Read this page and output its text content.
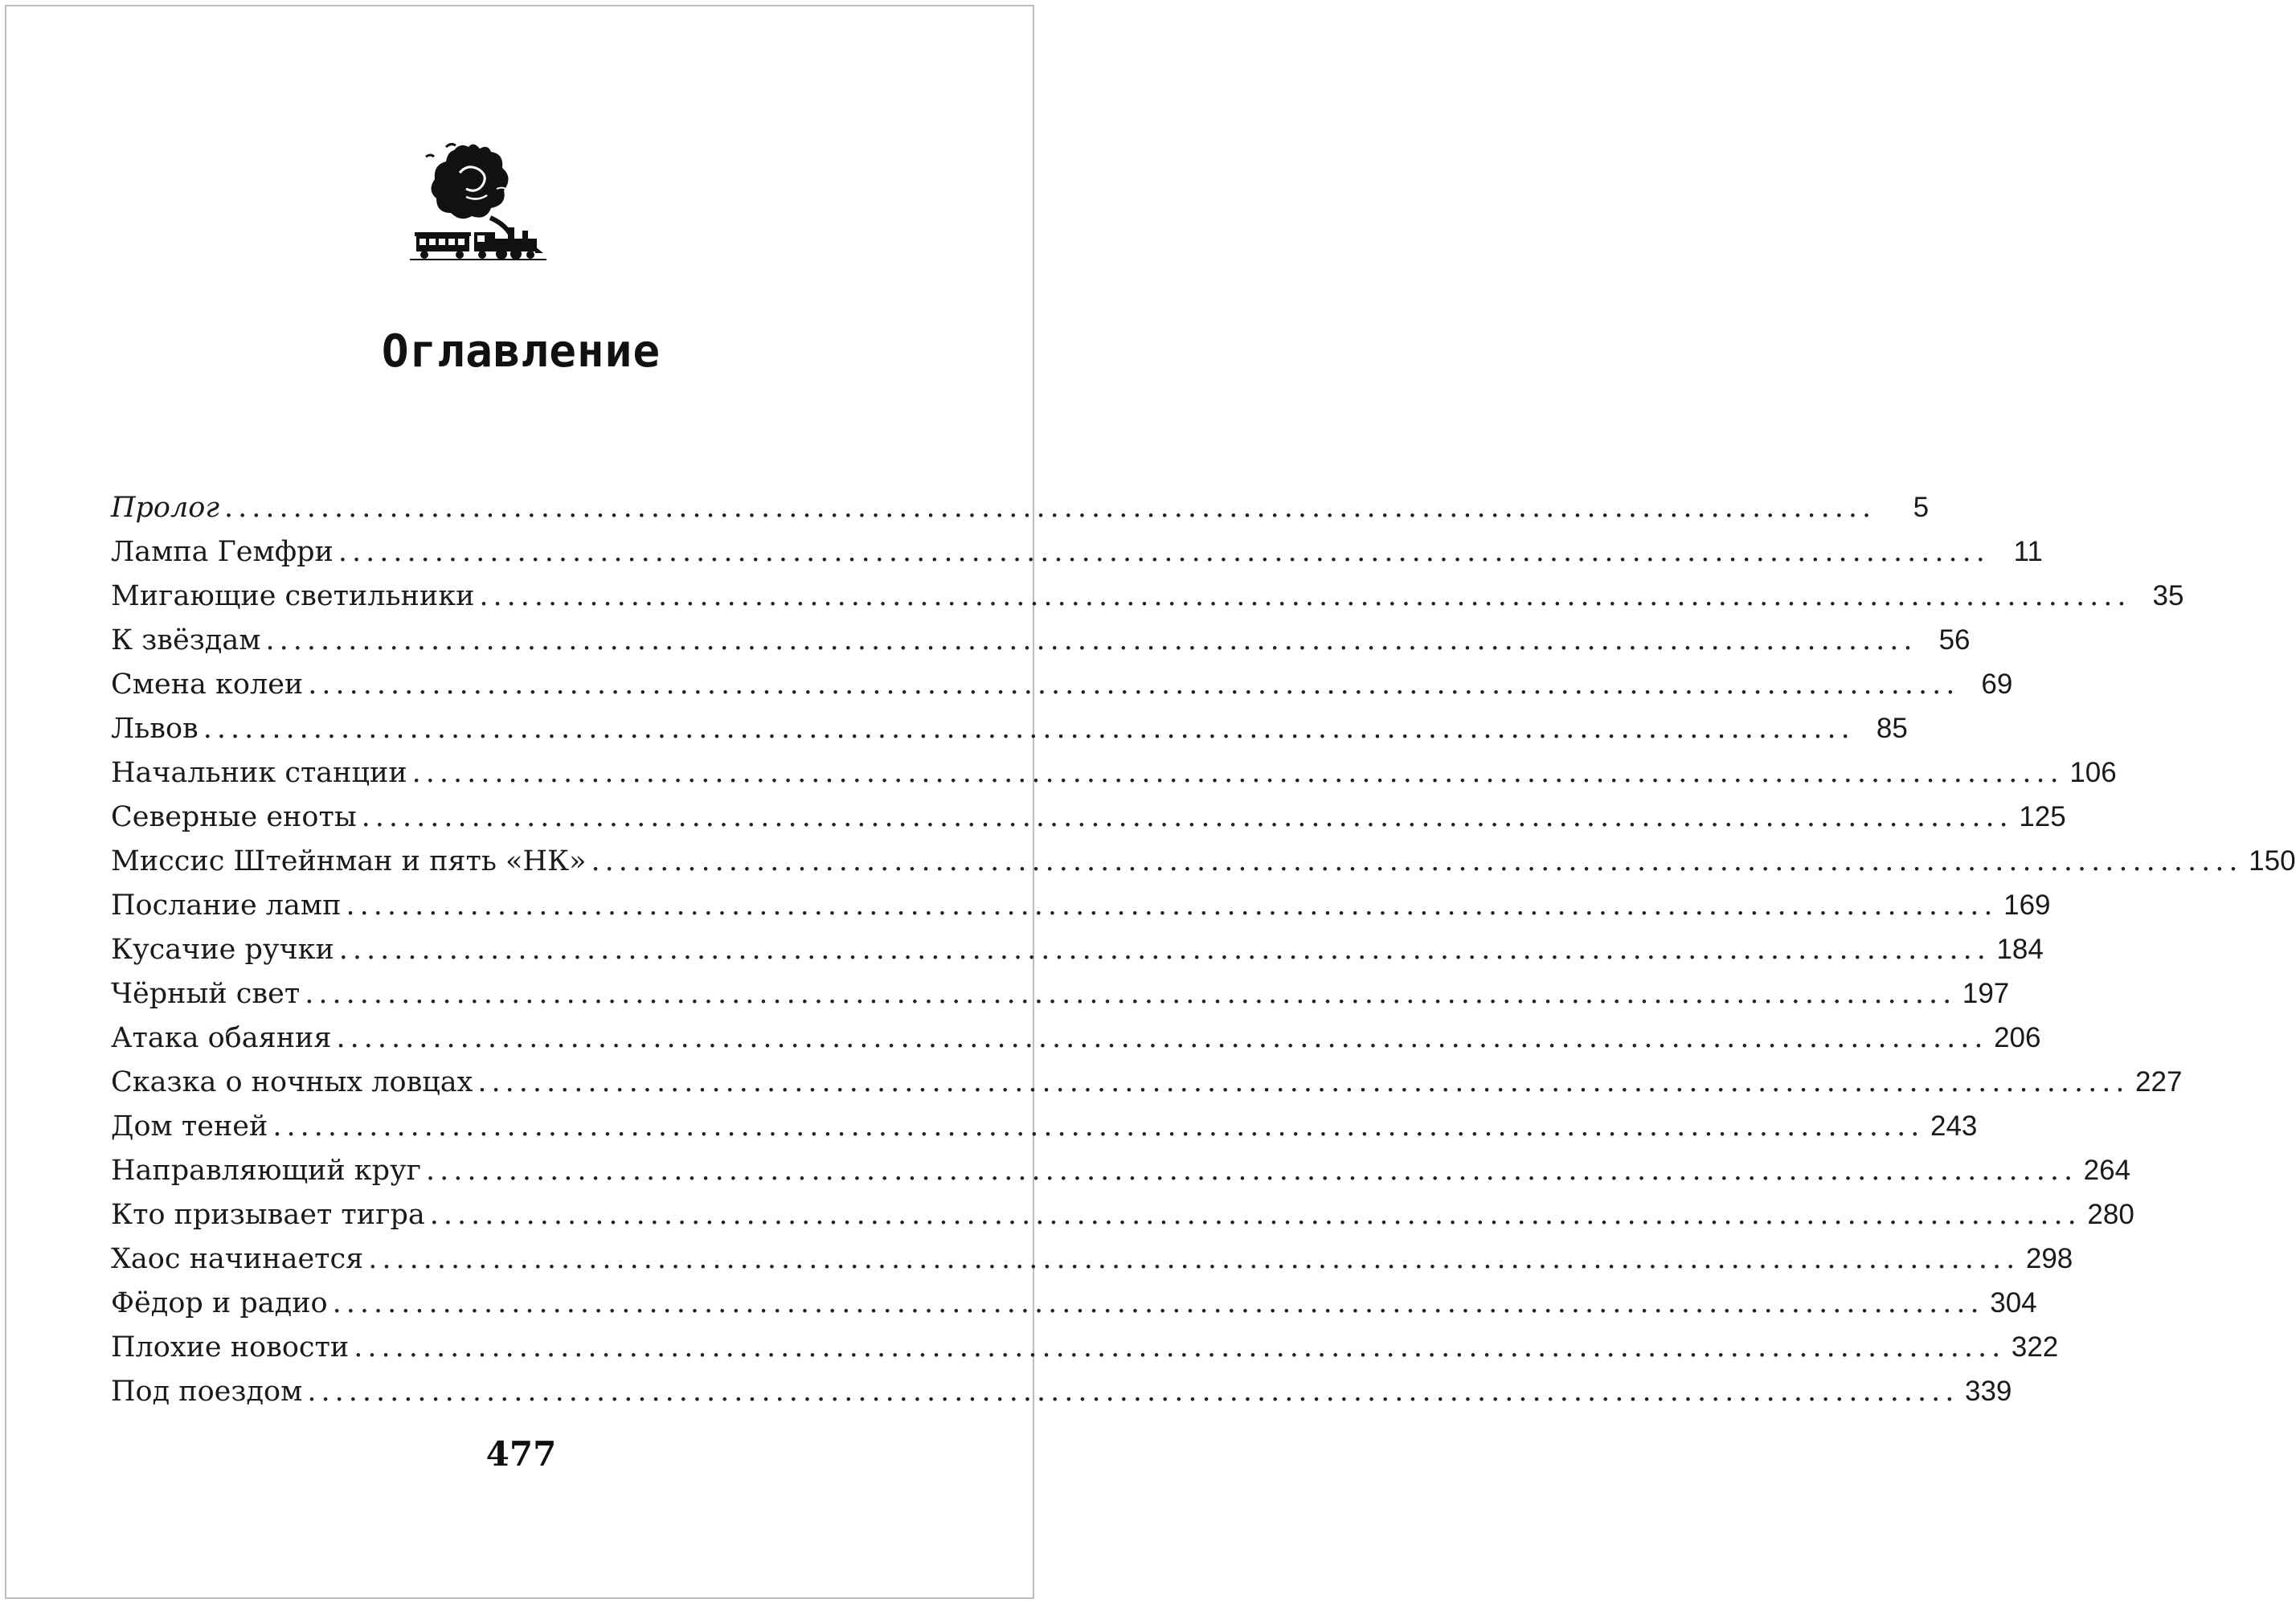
Оглавление
Пролог ........................................................................................................................	5
Лампа Гемфри ........................................................................................................................ 11
Мигающие светильники ........................................................................................................................ 35
К звёздам ........................................................................................................................ 56
Смена колеи ........................................................................................................................ 69
Львов ........................................................................................................................ 85
Начальник станции ........................................................................................................................ 106
Северные еноты ........................................................................................................................ 125
Миссис Штейнман и пять «НК» ........................................................................................................................ 150
Послание ламп ........................................................................................................................ 169
Кусачие ручки ........................................................................................................................ 184
Чёрный свет ........................................................................................................................ 197
Атака обаяния ........................................................................................................................ 206
Сказка о ночных ловцах ........................................................................................................................ 227
Дом теней ........................................................................................................................ 243
Направляющий круг ........................................................................................................................ 264
Кто призывает тигра ........................................................................................................................ 280
Хаос начинается ........................................................................................................................ 298
Фёдор и радио ........................................................................................................................ 304
Плохие новости ........................................................................................................................ 322
Под поездом ........................................................................................................................ 339
477
